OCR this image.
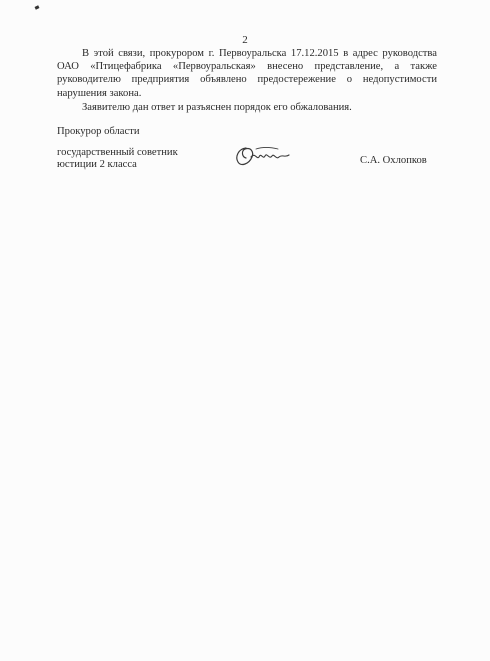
2

В этой связи, прокурором г. Первоуральска 17.12.2015 в адрес руководства ОАО «Птицефабрика «Первоуральская» внесено представление, а также руководителю предприятия объявлено предостережение о недопустимости нарушения закона.

Заявителю дан ответ и разъяснен порядок его обжалования.

Прокурор области
государственный советник
юстиции 2 класса	С.А. Охлопков
